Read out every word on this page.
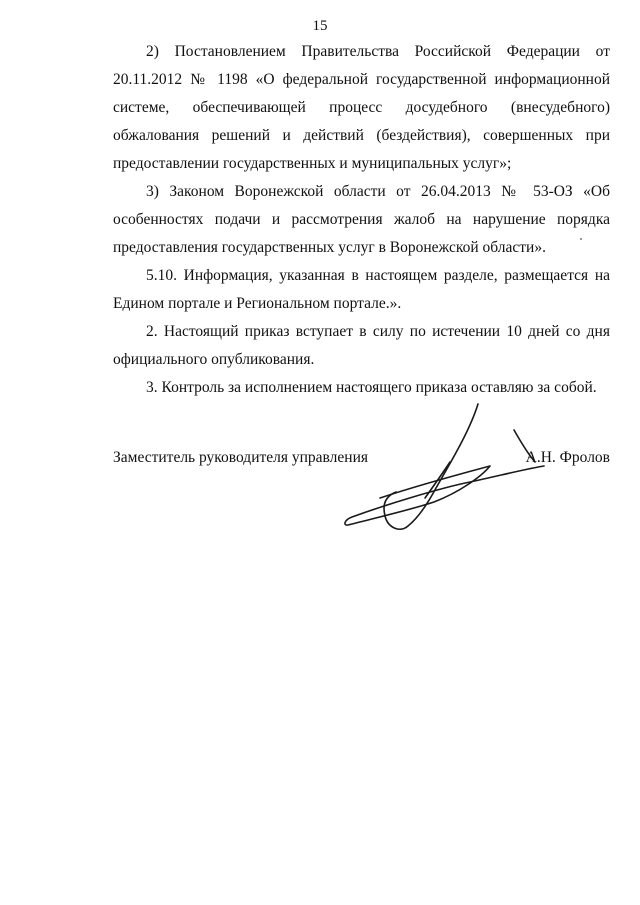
15

2) Постановлением Правительства Российской Федерации от 20.11.2012 № 1198 «О федеральной государственной информационной системе, обеспечивающей процесс досудебного (внесудебного) обжалования решений и действий (бездействия), совершенных при предоставлении государственных и муниципальных услуг»;

3) Законом Воронежской области от 26.04.2013 № 53-ОЗ «Об особенностях подачи и рассмотрения жалоб на нарушение порядка предоставления государственных услуг в Воронежской области».

5.10. Информация, указанная в настоящем разделе, размещается на Едином портале и Региональном портале.».

2. Настоящий приказ вступает в силу по истечении 10 дней со дня официального опубликования.

3. Контроль за исполнением настоящего приказа оставляю за собой.

Заместитель руководителя управления	А.Н. Фролов
